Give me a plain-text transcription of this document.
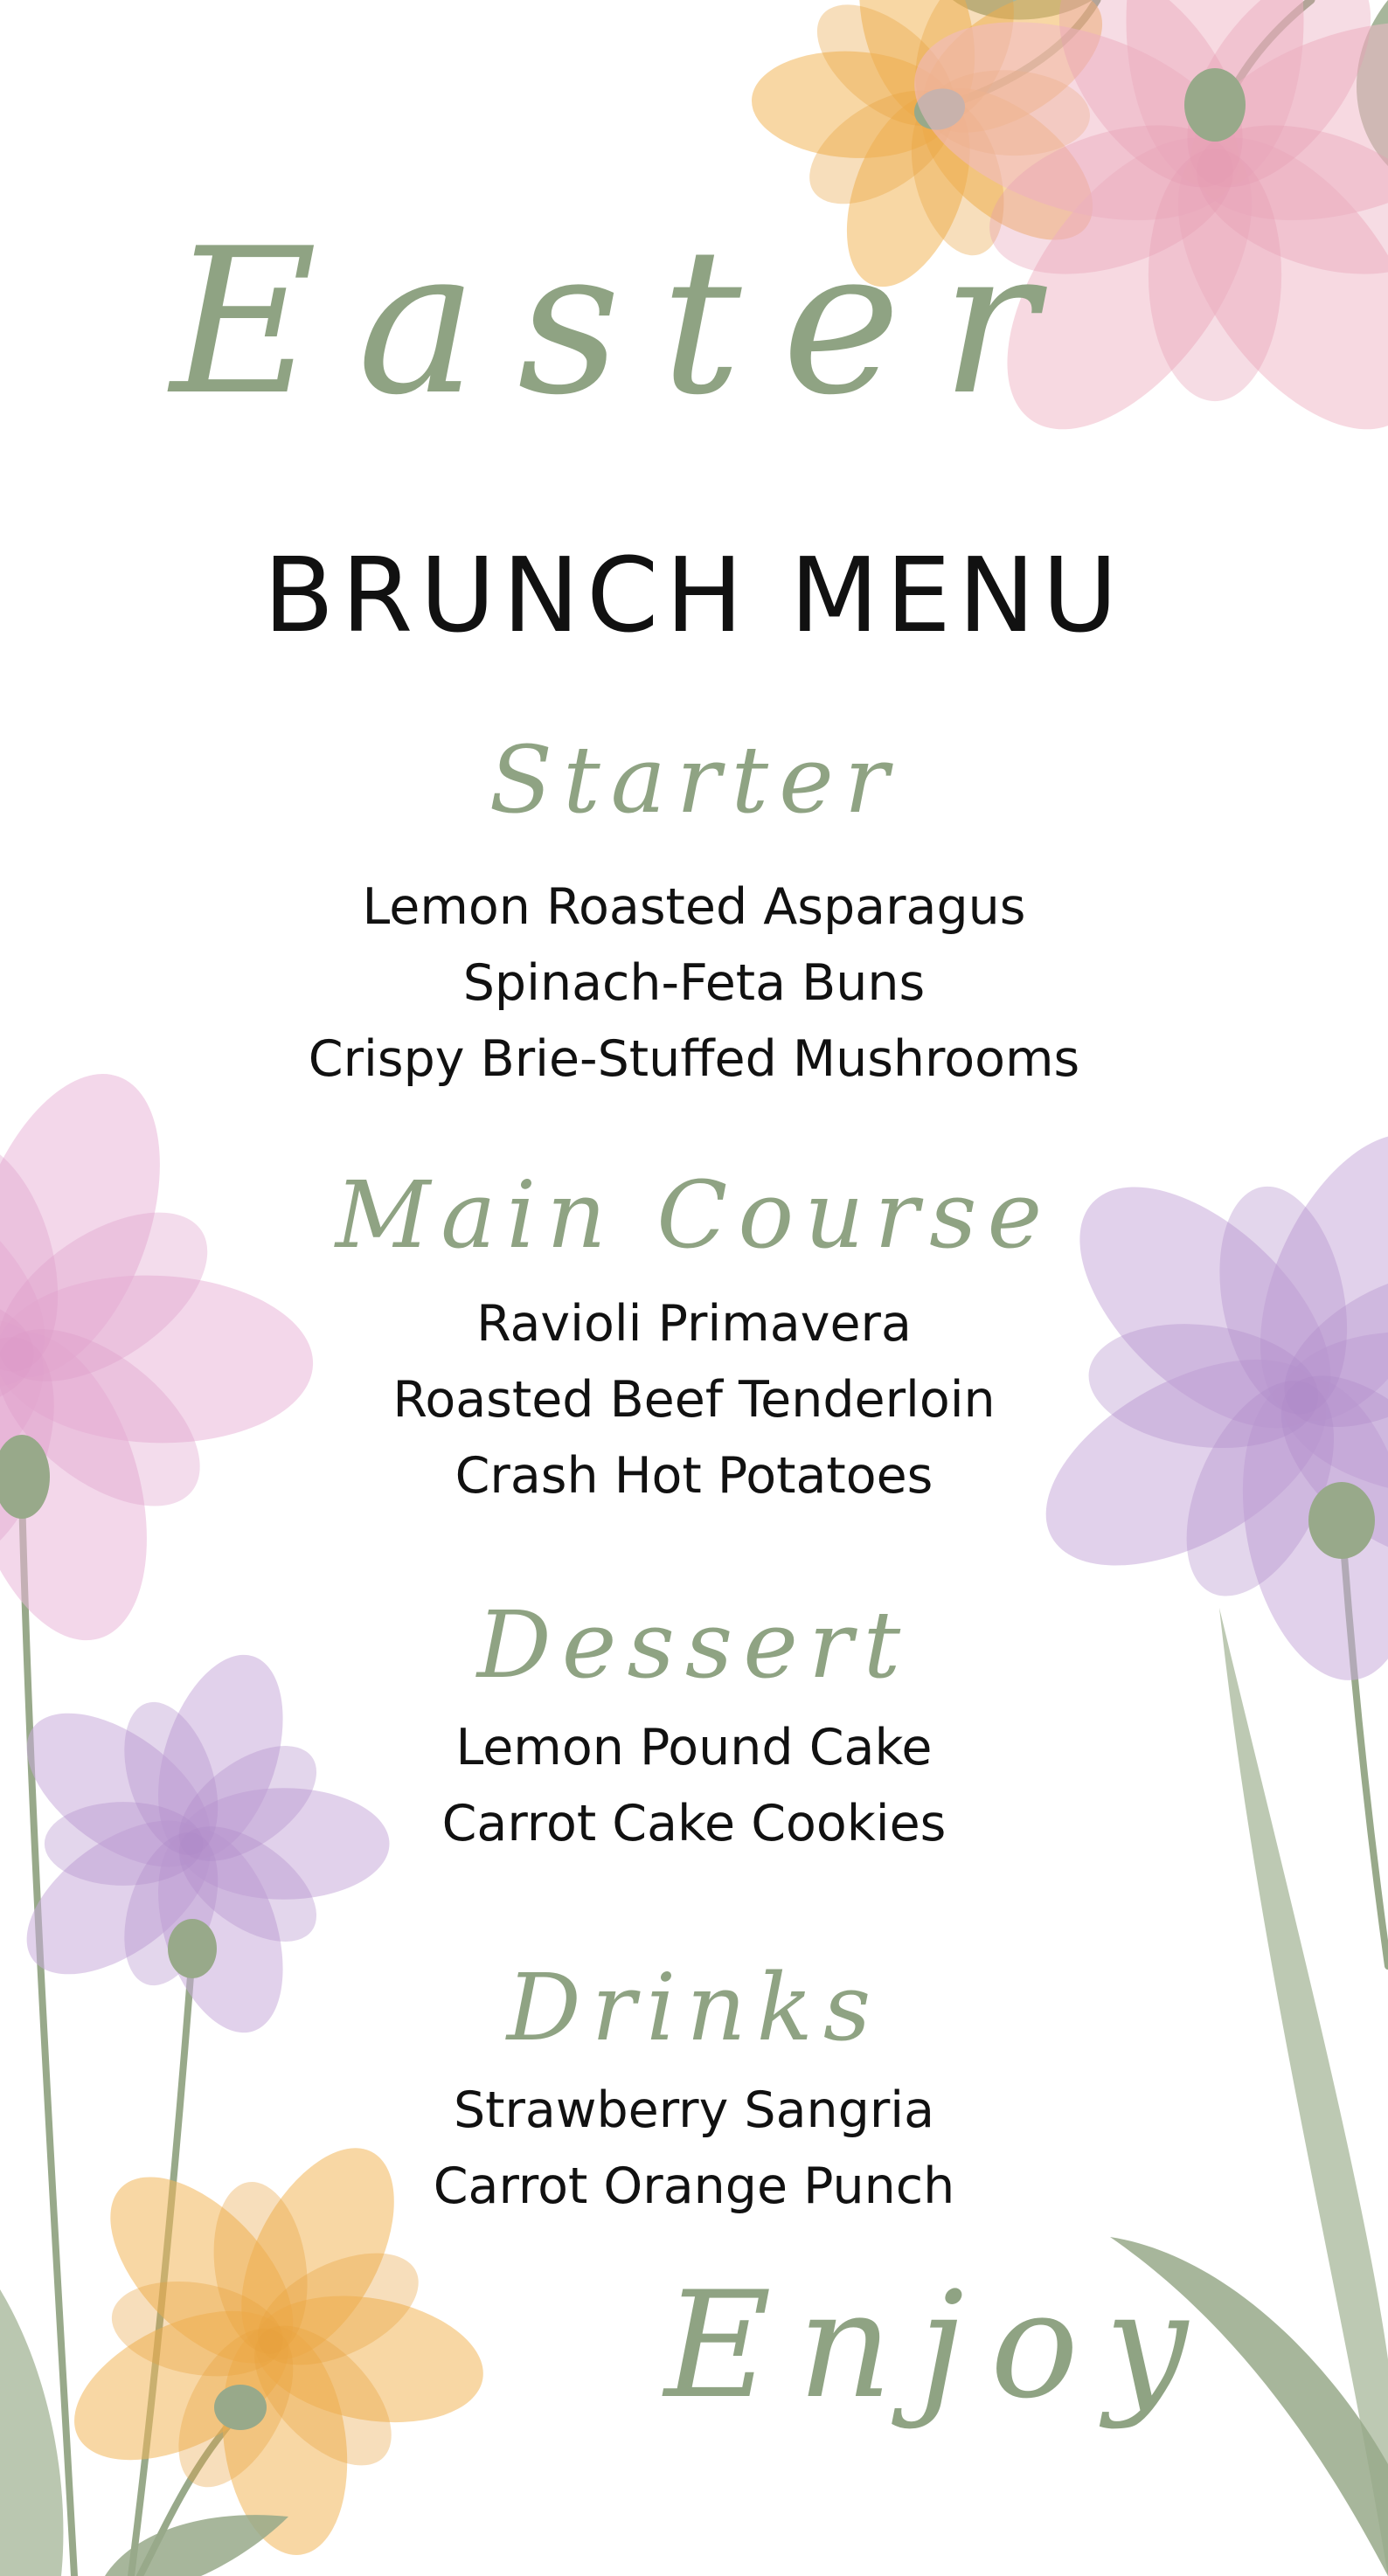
Easter
BRUNCH MENU
Starter
Lemon Roasted Asparagus
Spinach-Feta Buns
Crispy Brie-Stuffed Mushrooms
Main Course
Ravioli Primavera
Roasted Beef Tenderloin
Crash Hot Potatoes
Dessert
Lemon Pound Cake
Carrot Cake Cookies
Drinks
Strawberry Sangria
Carrot Orange Punch
Enjoy
